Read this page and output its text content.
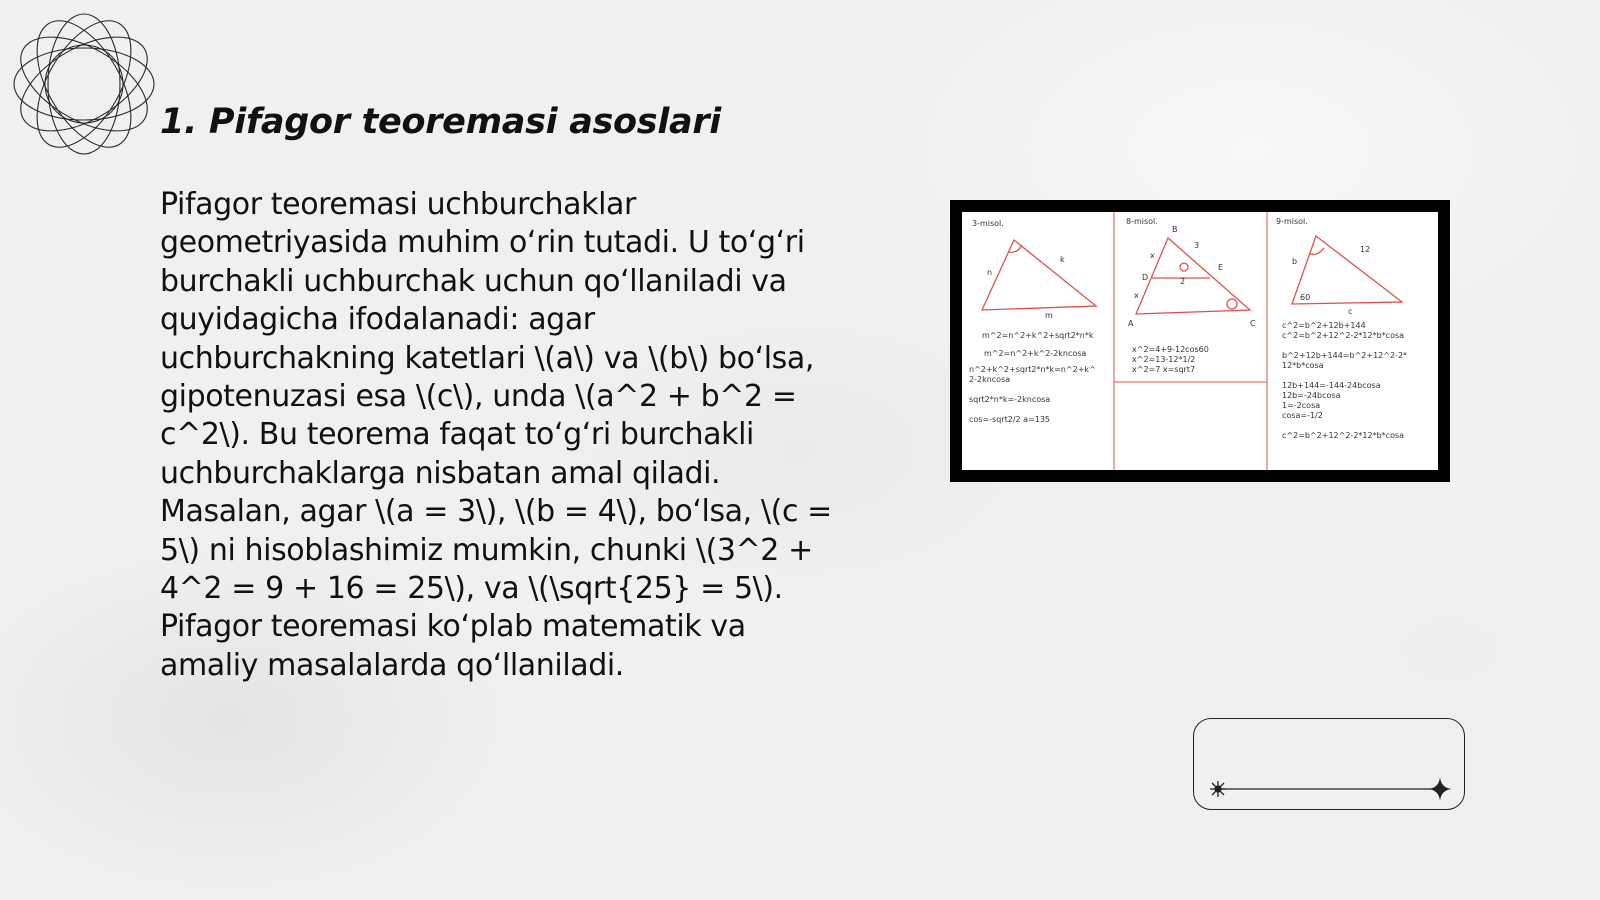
1. Pifagor teoremasi asoslari

Pifagor teoremasi uchburchaklar geometriyasida muhim o‘rin tutadi. U to‘g‘ri burchakli uchburchak uchun qo‘llaniladi va quyidagicha ifodalanadi: agar uchburchakning katetlari \(a\) va \(b\) bo‘lsa, gipotenuzasi esa \(c\), unda \(a^2 + b^2 = c^2\). Bu teorema faqat to‘g‘ri burchakli uchburchaklarga nisbatan amal qiladi. Masalan, agar \(a = 3\), \(b = 4\), bo‘lsa, \(c = 5\) ni hisoblashimiz mumkin, chunki \(3^2 + 4^2 = 9 + 16 = 25\), va \(\sqrt{25} = 5\). Pifagor teoremasi ko‘plab matematik va amaliy masalalarda qo‘llaniladi.

3-misol.
n
k
m
m^2=n^2+k^2+sqrt2*n*k
m^2=n^2+k^2-2kncosa
n^2+k^2+sqrt2*n*k=n^2+k^
2-2kncosa
sqrt2*n*k=-2kncosa
cos=-sqrt2/2 a=135
8-misol.
B
x
3
E
D	2
x
A	C
x^2=4+9-12cos60
x^2=13-12*1/2
x^2=7 x=sqrt7
9-misol.
b
12
60
c
c^2=b^2+12b+144
c^2=b^2+12^2-2*12*b*cosa
b^2+12b+144=b^2+12^2-2*
12*b*cosa
12b+144=-144-24bcosa
12b=-24bcosa
1=-2cosa
cosa=-1/2
c^2=b^2+12^2-2*12*b*cosa
